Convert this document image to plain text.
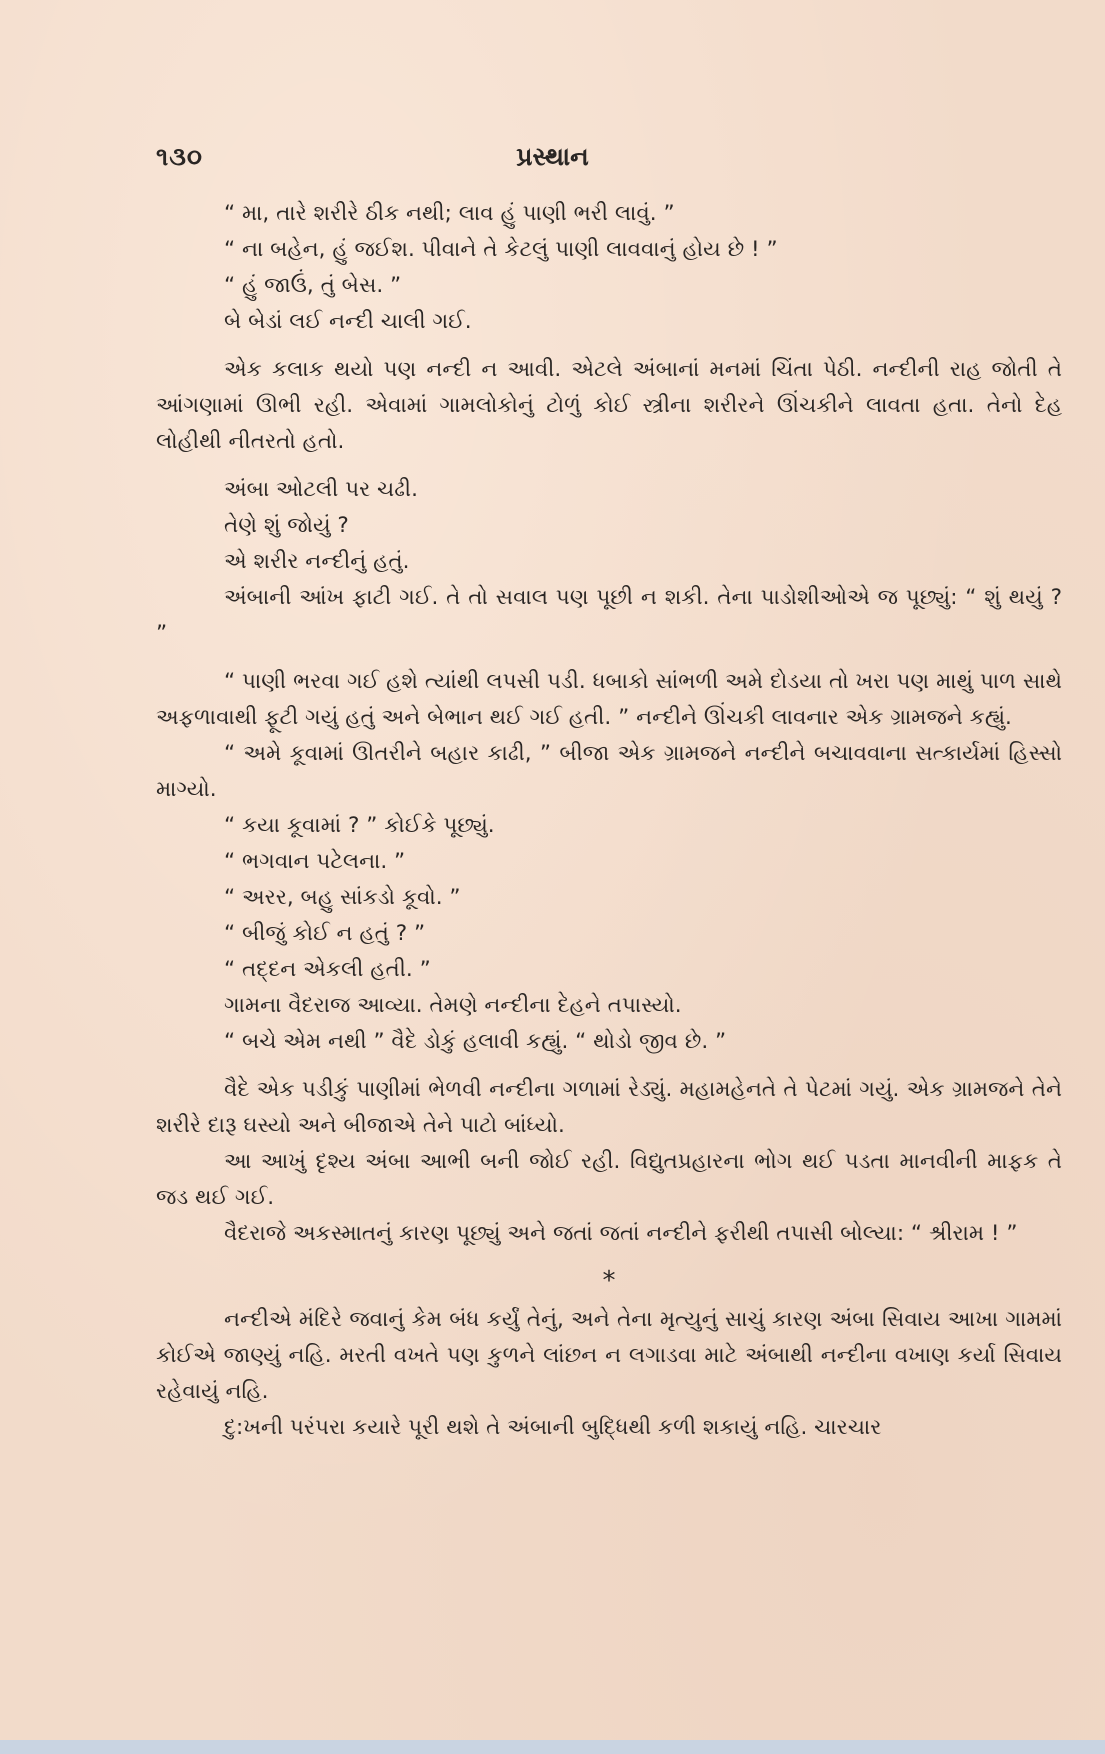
૧૩૦	પ્રસ્થાન

“ મા, તારે શરીરે ઠીક નથી; લાવ હું પાણી ભરી લાવું. ”

“ ના બહેન, હું જઈશ. પીવાને તે કેટલું પાણી લાવવાનું હોય છે ! ”

“ હું જાઉં, તું બેસ. ”

બે બેડાં લઈ નન્દી ચાલી ગઈ.

એક કલાક થયો પણ નન્દી ન આવી. એટલે અંબાનાં મનમાં ચિંતા પેઠી. નન્દીની રાહ જોતી તે આંગણામાં ઊભી રહી. એવામાં ગામલોકોનું ટોળું કોઈ સ્ત્રીના શરીરને ઊંચકીને લાવતા હતા. તેનો દેહ લોહીથી નીતરતો હતો.

અંબા ઓટલી પર ચઢી.

તેણે શું જોયું ?

એ શરીર નન્દીનું હતું.

અંબાની આંખ ફાટી ગઈ. તે તો સવાલ પણ પૂછી ન શકી. તેના પાડોશીઓએ જ પૂછ્યું: “ શું થયું ? ”

“ પાણી ભરવા ગઈ હશે ત્યાંથી લપસી પડી. ધબાકો સાંભળી અમે દોડયા તો ખરા પણ માથું પાળ સાથે અફળાવાથી ફૂટી ગયું હતું અને બેભાન થઈ ગઈ હતી. ” નન્દીને ઊંચકી લાવનાર એક ગ્રામજને કહ્યું.

“ અમે કૂવામાં ઊતરીને બહાર કાઢી, ” બીજા એક ગ્રામજને નન્દીને બચાવવાના સત્કાર્યમાં હિસ્સો માગ્યો.

“ કયા કૂવામાં ? ” કોઈકે પૂછ્યું.

“ ભગવાન પટેલના. ”

“ અરર, બહુ સાંકડો કૂવો. ”

“ બીજું કોઈ ન હતું ? ”

“ તદ્દન એકલી હતી. ”

ગામના વૈદરાજ આવ્યા. તેમણે નન્દીના દેહને તપાસ્યો.

“ બચે એમ નથી ” વૈદે ડોકું હલાવી કહ્યું. “ થોડો જીવ છે. ”

વૈદે એક પડીકું પાણીમાં ભેળવી નન્દીના ગળામાં રેડ્યું. મહામહેનતે તે પેટમાં ગયું. એક ગ્રામજને તેને શરીરે દારૂ ઘસ્યો અને બીજાએ તેને પાટો બાંધ્યો.

આ આખું દૃશ્ય અંબા આભી બની જોઈ રહી. વિદ્યુતપ્રહારના ભોગ થઈ પડતા માનવીની માફક તે જડ થઈ ગઈ.

વૈદરાજે અકસ્માતનું કારણ પૂછ્યું અને જતાં જતાં નન્દીને ફરીથી તપાસી બોલ્યા: “ શ્રીરામ ! ”

*

નન્દીએ મંદિરે જવાનું કેમ બંધ કર્યું તેનું, અને તેના મૃત્યુનું સાચું કારણ અંબા સિવાય આખા ગામમાં કોઈએ જાણ્યું નહિ. મરતી વખતે પણ કુળને લાંછન ન લગાડવા માટે અંબાથી નન્દીના વખાણ કર્યા સિવાય રહેવાયું નહિ.

દુ:ખની પરંપરા કયારે પૂરી થશે તે અંબાની બુદ્ધિથી કળી શકાયું નહિ. ચારચાર
